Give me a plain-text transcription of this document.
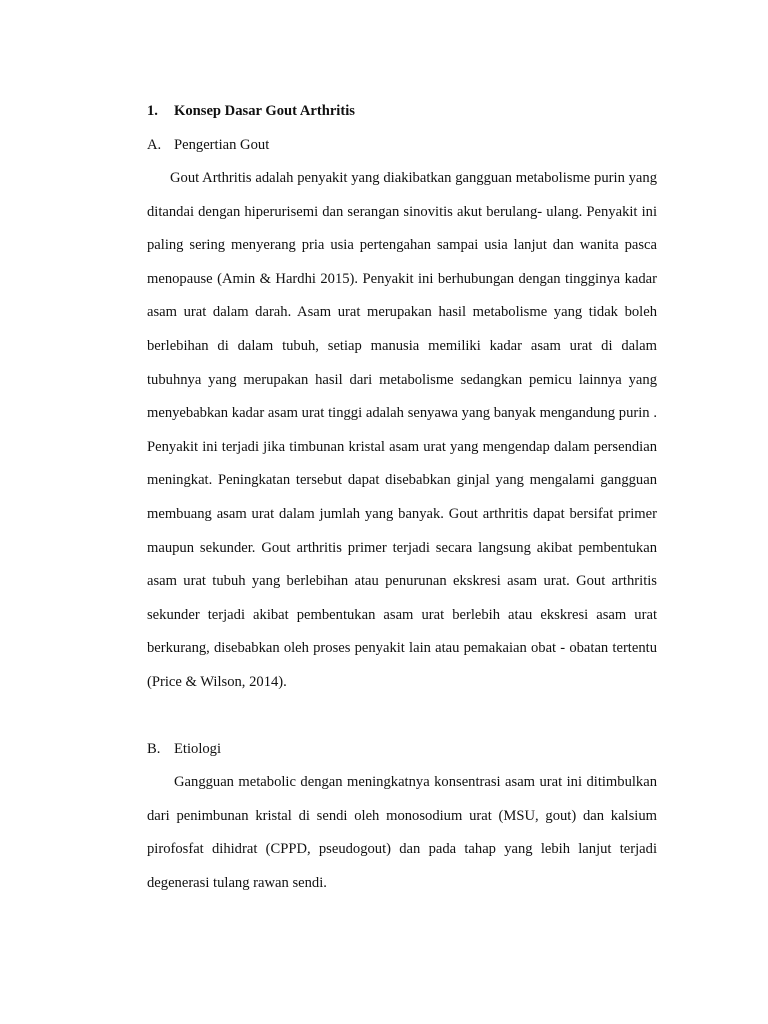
1. Konsep Dasar Gout Arthritis
A. Pengertian Gout

Gout Arthritis adalah penyakit yang diakibatkan gangguan metabolisme purin yang ditandai dengan hiperurisemi dan serangan sinovitis akut berulang- ulang. Penyakit ini paling sering menyerang pria usia pertengahan sampai usia lanjut dan wanita pasca menopause (Amin & Hardhi 2015). Penyakit ini berhubungan dengan tingginya kadar asam urat dalam darah. Asam urat merupakan hasil metabolisme yang tidak boleh berlebihan di dalam tubuh, setiap manusia memiliki kadar asam urat di dalam tubuhnya yang merupakan hasil dari metabolisme sedangkan pemicu lainnya yang menyebabkan kadar asam urat tinggi adalah senyawa yang banyak mengandung purin . Penyakit ini terjadi jika timbunan kristal asam urat yang mengendap dalam persendian meningkat. Peningkatan tersebut dapat disebabkan ginjal yang mengalami gangguan membuang asam urat dalam jumlah yang banyak. Gout arthritis dapat bersifat primer maupun sekunder. Gout arthritis primer terjadi secara langsung akibat pembentukan asam urat tubuh yang berlebihan atau penurunan ekskresi asam urat. Gout arthritis sekunder terjadi akibat pembentukan asam urat berlebih atau ekskresi asam urat berkurang, disebabkan oleh proses penyakit lain atau pemakaian obat - obatan tertentu (Price & Wilson, 2014).

B. Etiologi

Gangguan metabolic dengan meningkatnya konsentrasi asam urat ini ditimbulkan dari penimbunan kristal di sendi oleh monosodium urat (MSU, gout) dan kalsium pirofosfat dihidrat (CPPD, pseudogout) dan pada tahap yang lebih lanjut terjadi degenerasi tulang rawan sendi.
